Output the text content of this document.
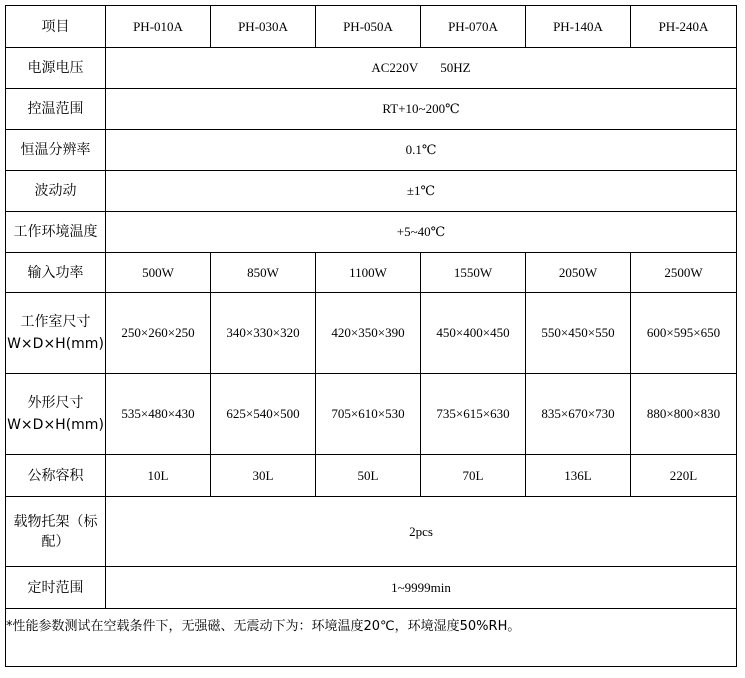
项目	PH-010A	PH-030A	PH-050A	PH-070A	PH-140A	PH-240A
电源电压	AC220V 50HZ					
控温范围	RT+10~200℃					
恒温分辨率	0.1℃					
波动动	±1℃					
工作环境温度	+5~40℃					
输入功率	500W	850W	1100W	1550W	2050W	2500W

工作室尺寸
W×D×H(mm)	250×260×250	340×330×320	420×350×390	450×400×450	550×450×550	600×595×650

外形尺寸
W×D×H(mm)	535×480×430	625×540×500	705×610×530	735×615×630	835×670×730	880×800×830
公称容积	10L	30L	50L	70L	136L	220L
载物托架（标配）	2pcs					
定时范围	1~9999min					
*性能参数测试在空载条件下，无强磁、无震动下为：环境温度20℃，环境湿度50%RH。						
